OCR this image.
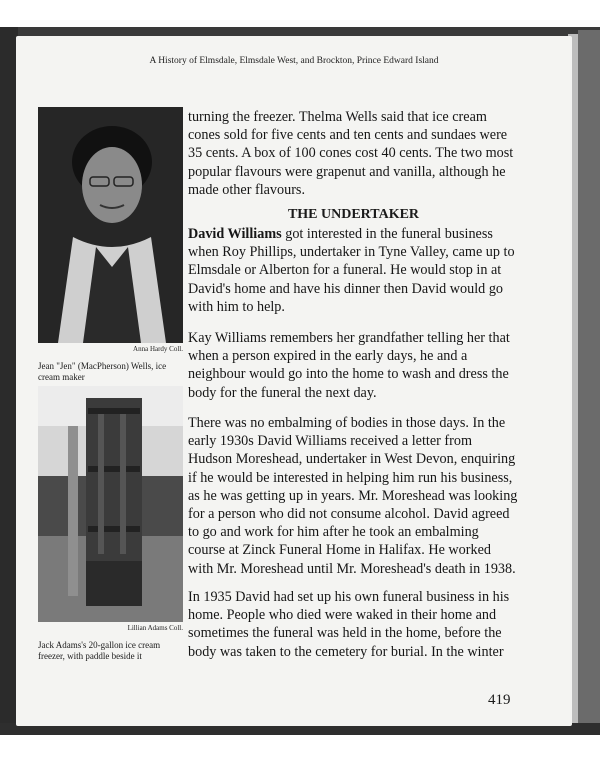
A History of Elmsdale, Elmsdale West, and Brockton, Prince Edward Island
Anna Hardy Coll.
Jean "Jen" (MacPherson) Wells, ice cream maker
Lillian Adams Coll.
Jack Adams's 20-gallon ice cream freezer, with paddle beside it
turning the freezer. Thelma Wells said that ice cream cones sold for five cents and ten cents and sundaes were 35 cents. A box of 100 cones cost 40 cents. The two most popular flavours were grapenut and vanilla, although he made other flavours.
THE UNDERTAKER
David Williams got interested in the funeral business when Roy Phillips, undertaker in Tyne Valley, came up to Elmsdale or Alberton for a funeral. He would stop in at David's home and have his dinner then David would go with him to help.
Kay Williams remembers her grandfather telling her that when a person expired in the early days, he and a neighbour would go into the home to wash and dress the body for the funeral the next day.
There was no embalming of bodies in those days. In the early 1930s David Williams received a letter from Hudson Moreshead, undertaker in West Devon, enquiring if he would be interested in helping him run his business, as he was getting up in years. Mr. Moreshead was looking for a person who did not consume alcohol. David agreed to go and work for him after he took an embalming course at Zinck Funeral Home in Halifax. He worked with Mr. Moreshead until Mr. Moreshead's death in 1938.
In 1935 David had set up his own funeral business in his home. People who died were waked in their home and sometimes the funeral was held in the home, before the body was taken to the cemetery for burial. In the winter
419
